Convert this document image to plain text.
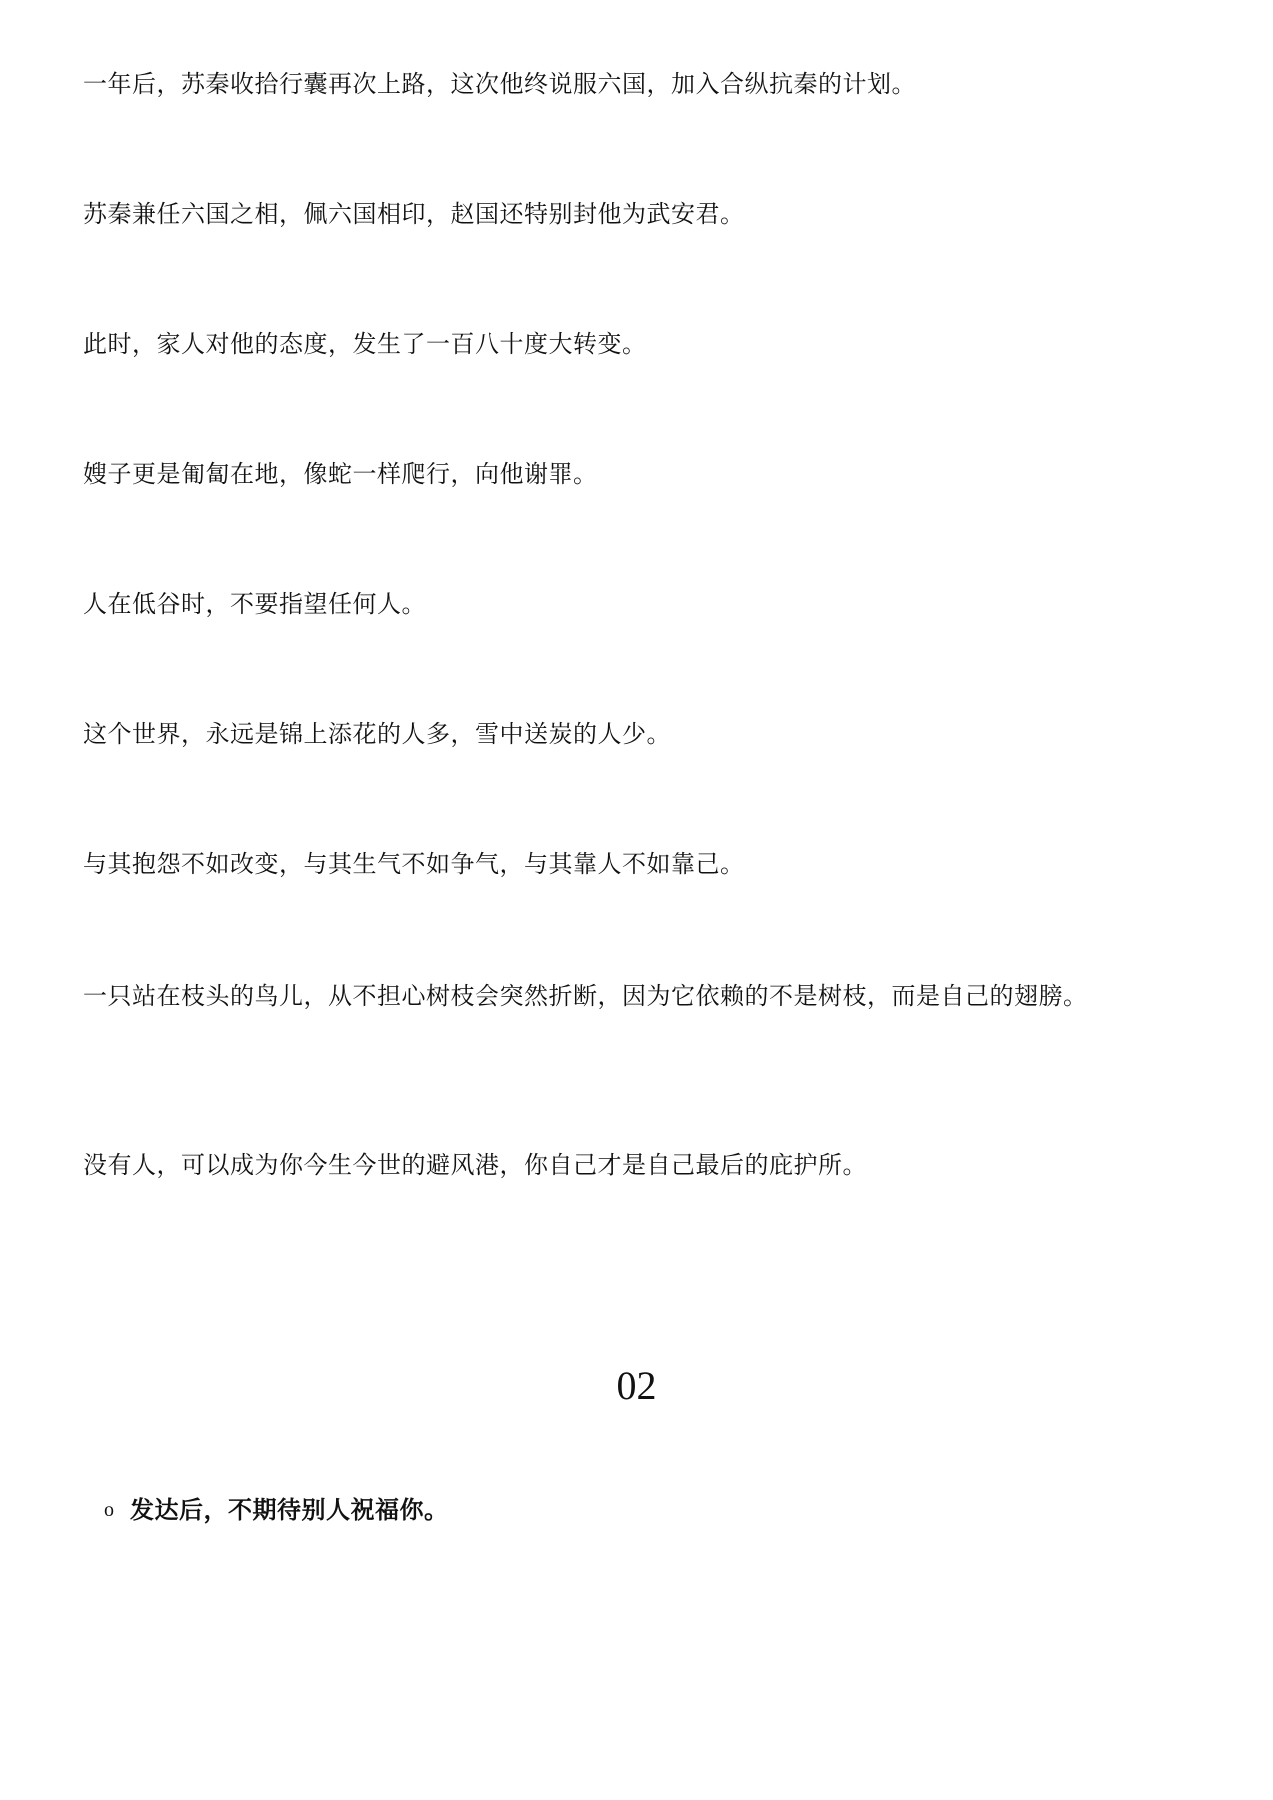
一年后，苏秦收拾行囊再次上路，这次他终说服六国，加入合纵抗秦的计划。

苏秦兼任六国之相，佩六国相印，赵国还特别封他为武安君。

此时，家人对他的态度，发生了一百八十度大转变。

嫂子更是匍匐在地，像蛇一样爬行，向他谢罪。

人在低谷时，不要指望任何人。

这个世界，永远是锦上添花的人多，雪中送炭的人少。

与其抱怨不如改变，与其生气不如争气，与其靠人不如靠己。

一只站在枝头的鸟儿，从不担心树枝会突然折断，因为它依赖的不是树枝，而是自己的翅膀。

没有人，可以成为你今生今世的避风港，你自己才是自己最后的庇护所。

02

o 发达后，不期待别人祝福你。
